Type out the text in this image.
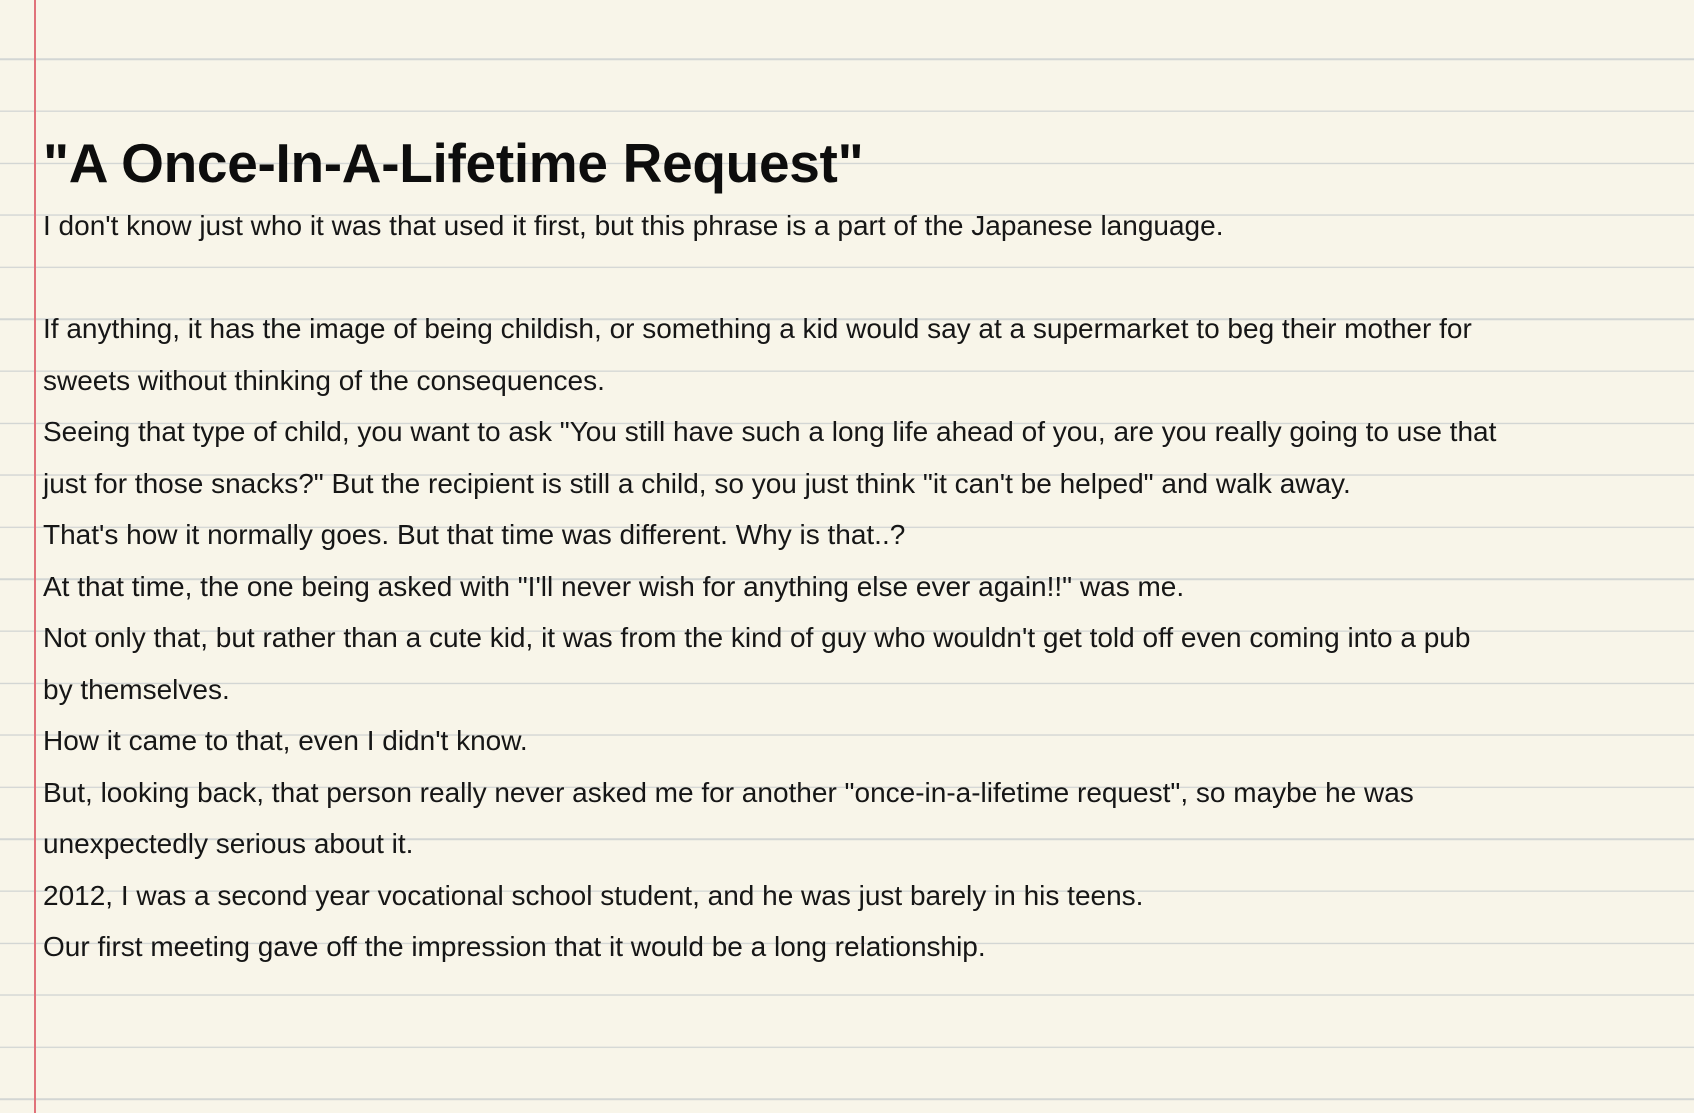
"A Once-In-A-Lifetime Request"
I don't know just who it was that used it first, but this phrase is a part of the Japanese language.
If anything, it has the image of being childish, or something a kid would say at a supermarket to beg their mother for
sweets without thinking of the consequences.
Seeing that type of child, you want to ask "You still have such a long life ahead of you, are you really going to use that
just for those snacks?" But the recipient is still a child, so you just think "it can't be helped" and walk away.
That's how it normally goes. But that time was different. Why is that..?
At that time, the one being asked with "I'll never wish for anything else ever again!!" was me.
Not only that, but rather than a cute kid, it was from the kind of guy who wouldn't get told off even coming into a pub
by themselves.
How it came to that, even I didn't know.
But, looking back, that person really never asked me for another "once-in-a-lifetime request", so maybe he was
unexpectedly serious about it.
2012, I was a second year vocational school student, and he was just barely in his teens.
Our first meeting gave off the impression that it would be a long relationship.
